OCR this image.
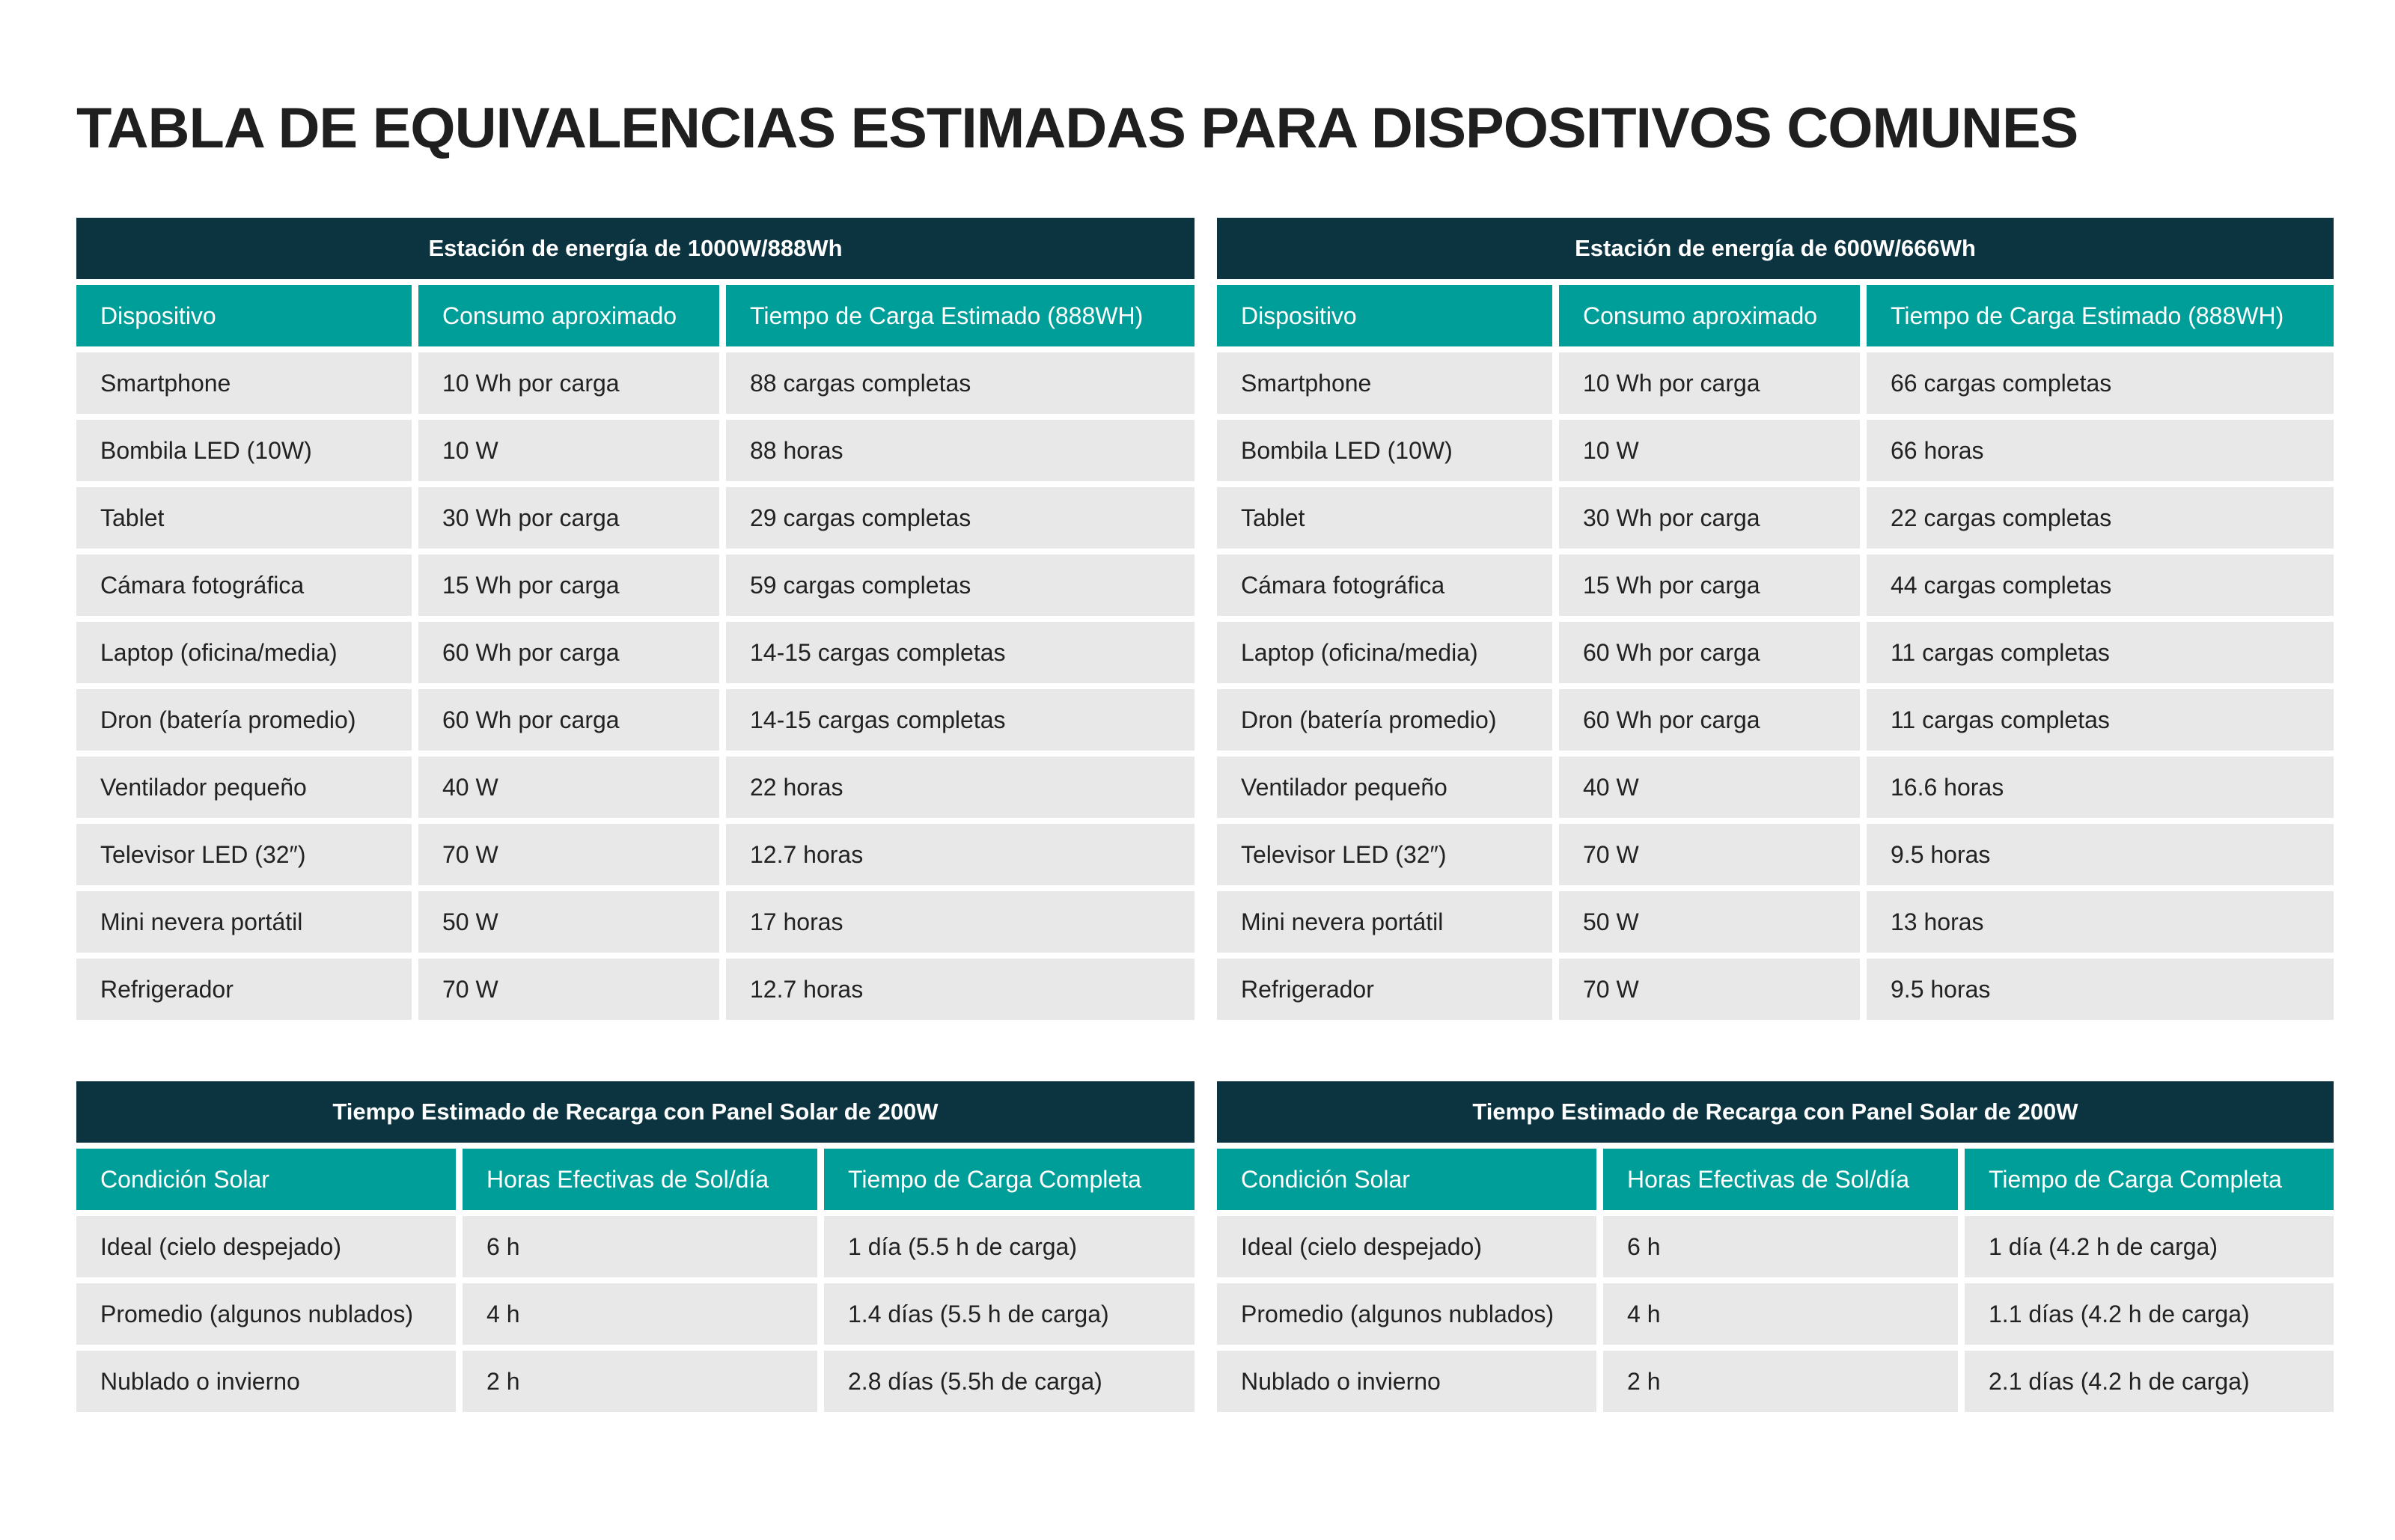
TABLA DE EQUIVALENCIAS ESTIMADAS PARA DISPOSITIVOS COMUNES
Estación de energía de 1000W/888Wh
Dispositivo	Consumo aproximado	Tiempo de Carga Estimado (888WH)
Smartphone	10 Wh por carga	88 cargas completas
Bombila LED (10W)	10 W	88 horas
Tablet	30 Wh por carga	29 cargas completas
Cámara fotográfica	15 Wh por carga	59 cargas completas
Laptop (oficina/media)	60 Wh por carga	14-15 cargas completas
Dron (batería promedio)	60 Wh por carga	14-15 cargas completas
Ventilador pequeño	40 W	22 horas
Televisor LED (32″)	70 W	12.7 horas
Mini nevera portátil	50 W	17 horas
Refrigerador	70 W	12.7 horas
Estación de energía de 600W/666Wh
Dispositivo	Consumo aproximado	Tiempo de Carga Estimado (888WH)
Smartphone	10 Wh por carga	66 cargas completas
Bombila LED (10W)	10 W	66 horas
Tablet	30 Wh por carga	22 cargas completas
Cámara fotográfica	15 Wh por carga	44 cargas completas
Laptop (oficina/media)	60 Wh por carga	11 cargas completas
Dron (batería promedio)	60 Wh por carga	11 cargas completas
Ventilador pequeño	40 W	16.6 horas
Televisor LED (32″)	70 W	9.5 horas
Mini nevera portátil	50 W	13 horas
Refrigerador	70 W	9.5 horas
Tiempo Estimado de Recarga con Panel Solar de 200W
Condición Solar	Horas Efectivas de Sol/día	Tiempo de Carga Completa
Ideal (cielo despejado)	6 h	1 día (5.5 h de carga)
Promedio (algunos nublados)	4 h	1.4 días (5.5 h de carga)
Nublado o invierno	2 h	2.8 días (5.5h de carga)
Tiempo Estimado de Recarga con Panel Solar de 200W
Condición Solar	Horas Efectivas de Sol/día	Tiempo de Carga Completa
Ideal (cielo despejado)	6 h	1 día (4.2 h de carga)
Promedio (algunos nublados)	4 h	1.1 días (4.2 h de carga)
Nublado o invierno	2 h	2.1 días (4.2 h de carga)
